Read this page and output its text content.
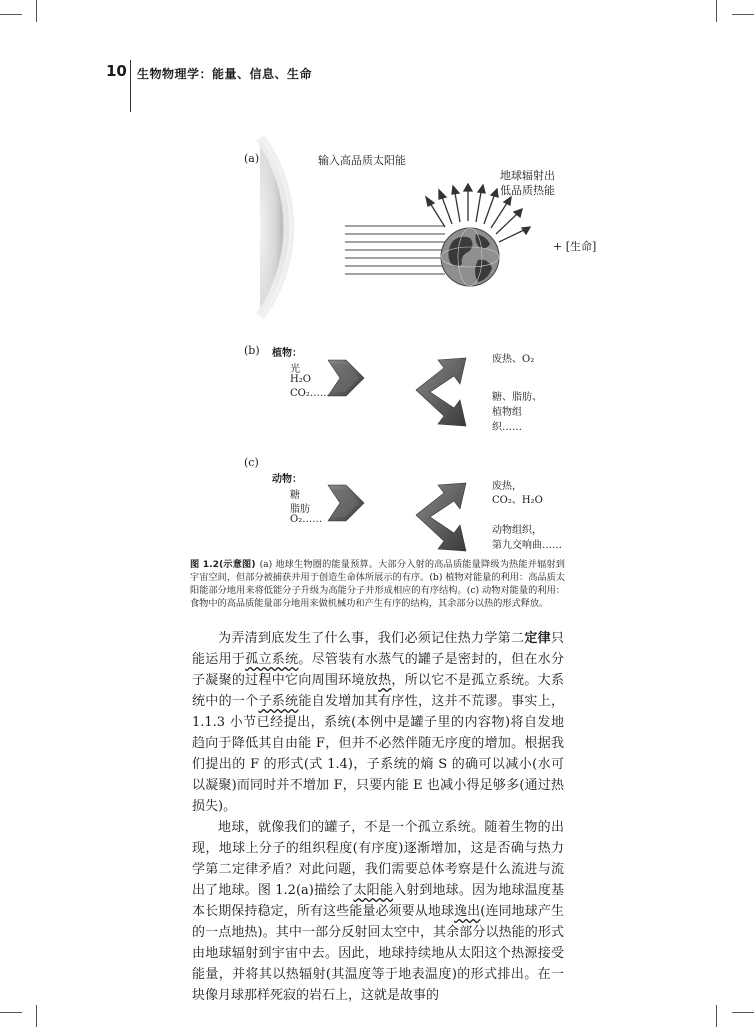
10 生物物理学：能量、信息、生命
(a)	输入高品质太阳能
地球辐射出
低品质热能
+ [生命]
(b) 植物：
光
H₂O
CO₂……
废热、O₂
糖、脂肪、
植物组
织……
(c)
动物：
糖
脂肪
O₂……
废热，
CO₂、H₂O
动物组织，
第九交响曲……
图 1.2(示意图) (a) 地球生物圈的能量预算。大部分入射的高品质能量降级为热能并辐射到宇宙空间，但部分被捕获并用于创造生命体所展示的有序。(b) 植物对能量的利用：高品质太阳能部分地用来将低能分子升级为高能分子并形成相应的有序结构。(c) 动物对能量的利用：食物中的高品质能量部分地用来做机械功和产生有序的结构，其余部分以热的形式释放。

为弄清到底发生了什么事，我们必须记住热力学第二定律只能运用于孤立系统。尽管装有水蒸气的罐子是密封的，但在水分子凝聚的过程中它向周围环境放热，所以它不是孤立系统。大系统中的一个子系统能自发增加其有序性，这并不荒谬。事实上，1.1.3 小节已经提出，系统(本例中是罐子里的内容物)将自发地趋向于降低其自由能 F，但并不必然伴随无序度的增加。根据我们提出的 F 的形式(式 1.4)，子系统的熵 S 的确可以减小(水可以凝聚)而同时并不增加 F，只要内能 E 也减小得足够多(通过热损失)。

地球，就像我们的罐子，不是一个孤立系统。随着生物的出现，地球上分子的组织程度(有序度)逐渐增加，这是否确与热力学第二定律矛盾？对此问题，我们需要总体考察是什么流进与流出了地球。图 1.2(a)描绘了太阳能入射到地球。因为地球温度基本长期保持稳定，所有这些能量必须要从地球逸出(连同地球产生的一点地热)。其中一部分反射回太空中，其余部分以热能的形式由地球辐射到宇宙中去。因此，地球持续地从太阳这个热源接受能量，并将其以热辐射(其温度等于地表温度)的形式排出。在一块像月球那样死寂的岩石上，这就是故事的
